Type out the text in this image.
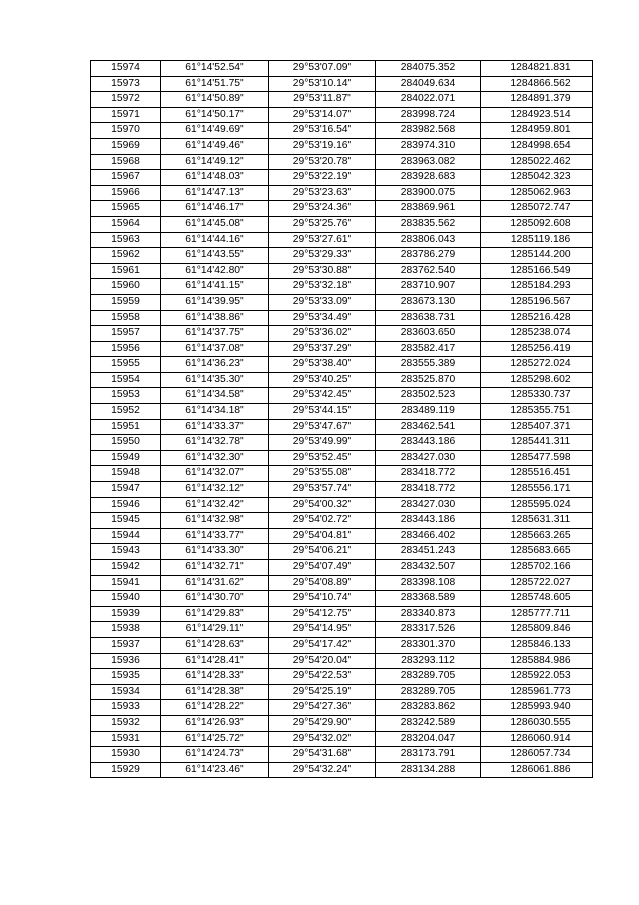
15974	61°14'52.54"	29°53'07.09"	284075.352	1284821.831
15973	61°14'51.75"	29°53'10.14"	284049.634	1284866.562
15972	61°14'50.89"	29°53'11.87"	284022.071	1284891.379
15971	61°14'50.17"	29°53'14.07"	283998.724	1284923.514
15970	61°14'49.69"	29°53'16.54"	283982.568	1284959.801
15969	61°14'49.46"	29°53'19.16"	283974.310	1284998.654
15968	61°14'49.12"	29°53'20.78"	283963.082	1285022.462
15967	61°14'48.03"	29°53'22.19"	283928.683	1285042.323
15966	61°14'47.13"	29°53'23.63"	283900.075	1285062.963
15965	61°14'46.17"	29°53'24.36"	283869.961	1285072.747
15964	61°14'45.08"	29°53'25.76"	283835.562	1285092.608
15963	61°14'44.16"	29°53'27.61"	283806.043	1285119.186
15962	61°14'43.55"	29°53'29.33"	283786.279	1285144.200
15961	61°14'42.80"	29°53'30.88"	283762.540	1285166.549
15960	61°14'41.15"	29°53'32.18"	283710.907	1285184.293
15959	61°14'39.95"	29°53'33.09"	283673.130	1285196.567
15958	61°14'38.86"	29°53'34.49"	283638.731	1285216.428
15957	61°14'37.75"	29°53'36.02"	283603.650	1285238.074
15956	61°14'37.08"	29°53'37.29"	283582.417	1285256.419
15955	61°14'36.23"	29°53'38.40"	283555.389	1285272.024
15954	61°14'35.30"	29°53'40.25"	283525.870	1285298.602
15953	61°14'34.58"	29°53'42.45"	283502.523	1285330.737
15952	61°14'34.18"	29°53'44.15"	283489.119	1285355.751
15951	61°14'33.37"	29°53'47.67"	283462.541	1285407.371
15950	61°14'32.78"	29°53'49.99"	283443.186	1285441.311
15949	61°14'32.30"	29°53'52.45"	283427.030	1285477.598
15948	61°14'32.07"	29°53'55.08"	283418.772	1285516.451
15947	61°14'32.12"	29°53'57.74"	283418.772	1285556.171
15946	61°14'32.42"	29°54'00.32"	283427.030	1285595.024
15945	61°14'32.98"	29°54'02.72"	283443.186	1285631.311
15944	61°14'33.77"	29°54'04.81"	283466.402	1285663.265
15943	61°14'33.30"	29°54'06.21"	283451.243	1285683.665
15942	61°14'32.71"	29°54'07.49"	283432.507	1285702.166
15941	61°14'31.62"	29°54'08.89"	283398.108	1285722.027
15940	61°14'30.70"	29°54'10.74"	283368.589	1285748.605
15939	61°14'29.83"	29°54'12.75"	283340.873	1285777.711
15938	61°14'29.11"	29°54'14.95"	283317.526	1285809.846
15937	61°14'28.63"	29°54'17.42"	283301.370	1285846.133
15936	61°14'28.41"	29°54'20.04"	283293.112	1285884.986
15935	61°14'28.33"	29°54'22.53"	283289.705	1285922.053
15934	61°14'28.38"	29°54'25.19"	283289.705	1285961.773
15933	61°14'28.22"	29°54'27.36"	283283.862	1285993.940
15932	61°14'26.93"	29°54'29.90"	283242.589	1286030.555
15931	61°14'25.72"	29°54'32.02"	283204.047	1286060.914
15930	61°14'24.73"	29°54'31.68"	283173.791	1286057.734
15929	61°14'23.46"	29°54'32.24"	283134.288	1286061.886
